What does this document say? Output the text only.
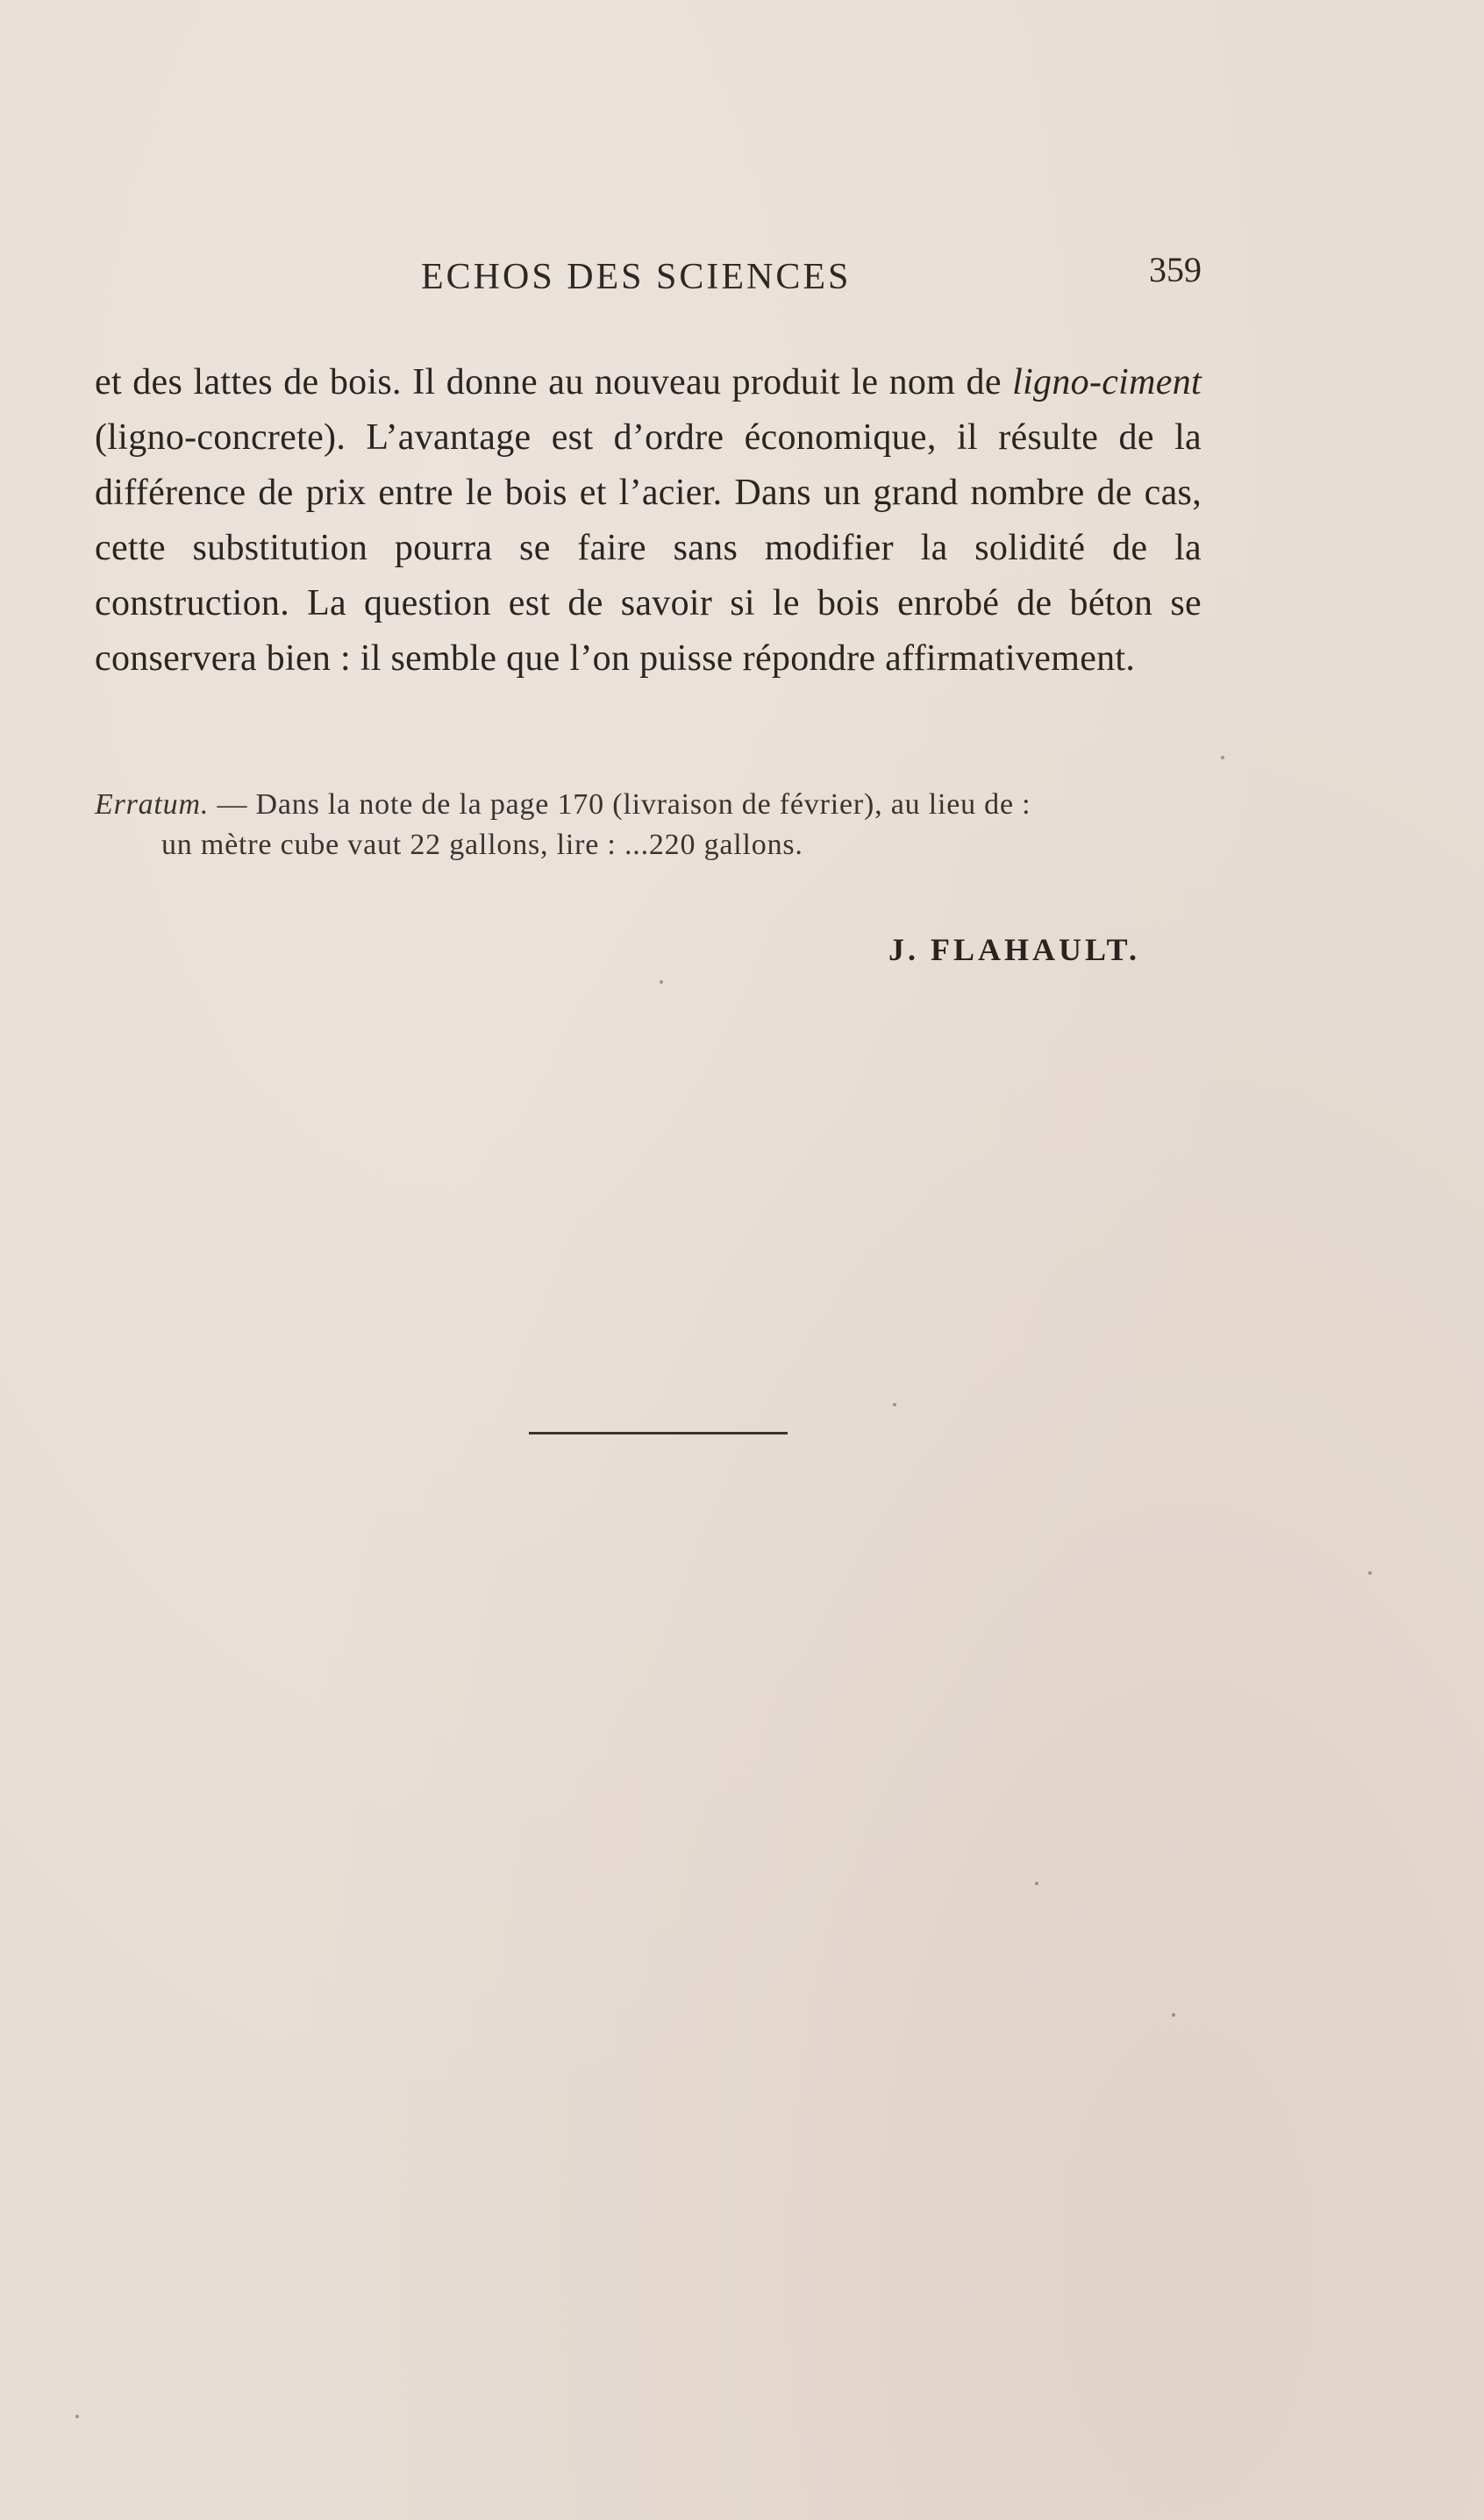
ECHOS DES SCIENCES	359

et des lattes de bois. Il donne au nouveau produit le nom de ligno-ciment (ligno-concrete). L’avantage est d’ordre économique, il résulte de la différence de prix entre le bois et l’acier. Dans un grand nombre de cas, cette substitution pourra se faire sans modifier la solidité de la construction. La question est de savoir si le bois enrobé de béton se conservera bien : il semble que l’on puisse répondre affirmativement.

Erratum. — Dans la note de la page 170 (livraison de février), au lieu de :
un mètre cube vaut 22 gallons, lire : ...220 gallons.
J. FLAHAULT.
